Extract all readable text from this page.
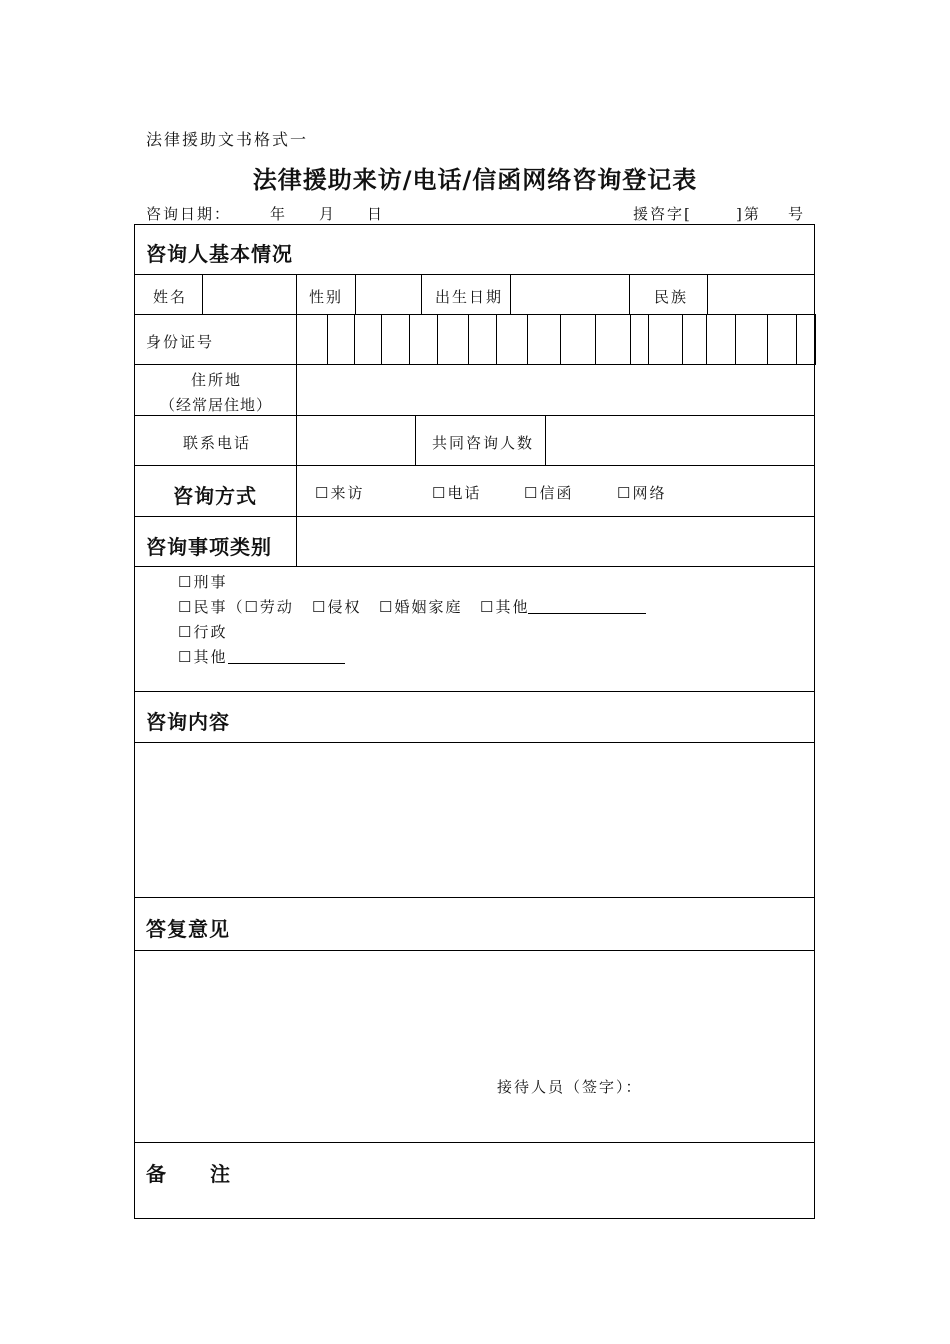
法律援助文书格式一
法律援助来访/电话/信函网络咨询登记表
咨询日期：	年 月 日	援咨字[	]第 号
咨询人基本情况
姓名	性别	出生日期	民族
身份证号
住所地
（经常居住地）
联系电话	共同咨询人数
咨询方式	☐来访	☐电话	☐信函	☐网络
咨询事项类别
☐刑事
☐民事（☐劳动 ☐侵权 ☐婚姻家庭 ☐其他
☐行政
☐其他
咨询内容
答复意见
接待人员（签字）：
备注
